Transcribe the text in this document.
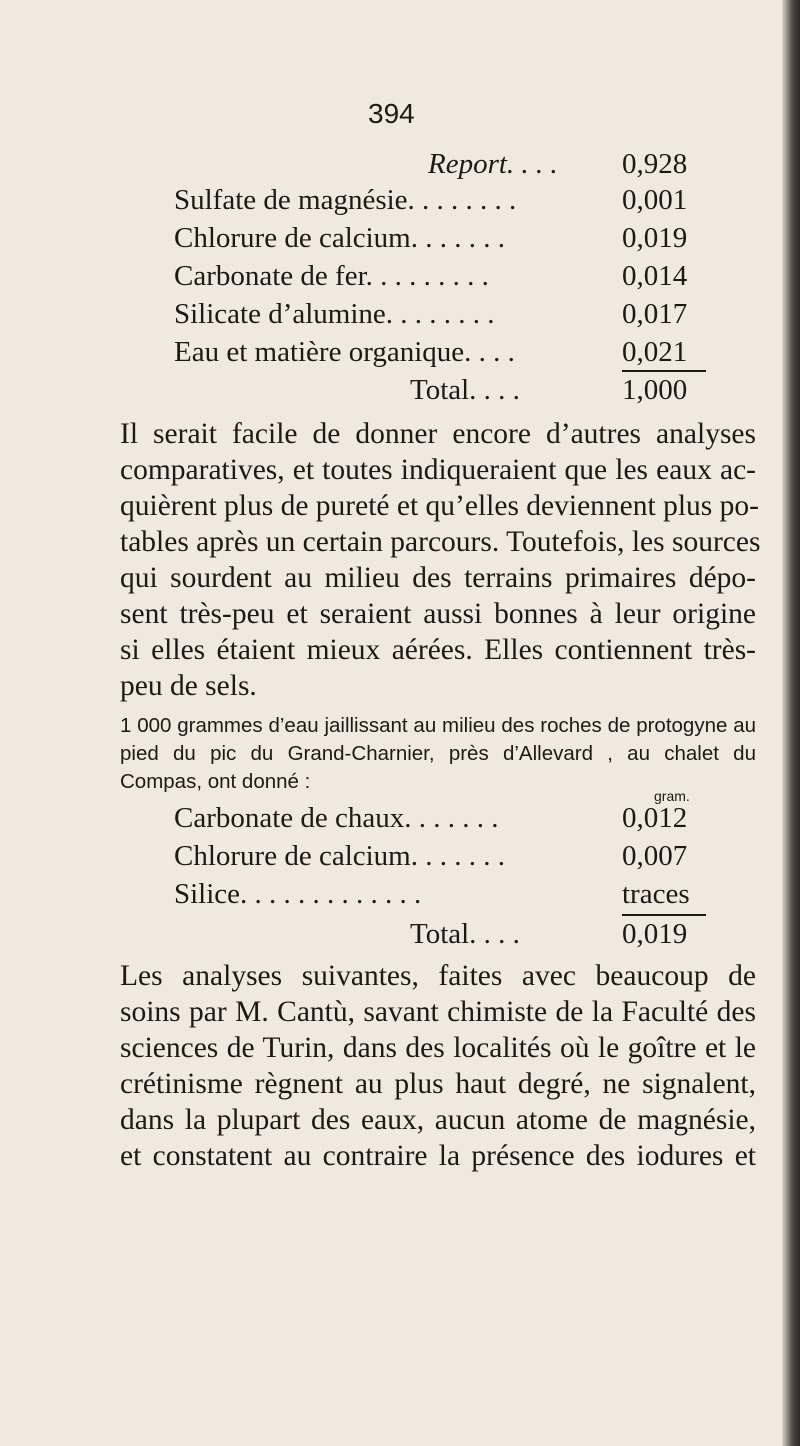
394
Report. . . . 0,928
Sulfate de magnésie. . . . . . . .	0,001
Chlorure de calcium. . . . . . .	0,019
Carbonate de fer. . . . . . . . .	0,014
Silicate d’alumine. . . . . . . .	0,017
Eau et matière organique. . . .	0,021
Total. . . .	1,000
Il serait facile de donner encore d’autres analyses
comparatives, et toutes indiqueraient que les eaux ac-
quièrent plus de pureté et qu’elles deviennent plus po-
tables après un certain parcours. Toutefois, les sources
qui sourdent au milieu des terrains primaires dépo-
sent très-peu et seraient aussi bonnes à leur origine
si elles étaient mieux aérées. Elles contiennent très-
peu de sels.
1 000 grammes d’eau jaillissant au milieu des roches de protogyne au
pied du pic du Grand-Charnier, près d’Allevard , au chalet du
Compas, ont donné :
gram.
Carbonate de chaux. . . . . . .	0,012
Chlorure de calcium. . . . . . .	0,007
Silice. . . . . . . . . . . . .	traces
Total. . . .	0,019
Les analyses suivantes, faites avec beaucoup de
soins par M. Cantù, savant chimiste de la Faculté des
sciences de Turin, dans des localités où le goître et le
crétinisme règnent au plus haut degré, ne signalent,
dans la plupart des eaux, aucun atome de magnésie,
et constatent au contraire la présence des iodures et
